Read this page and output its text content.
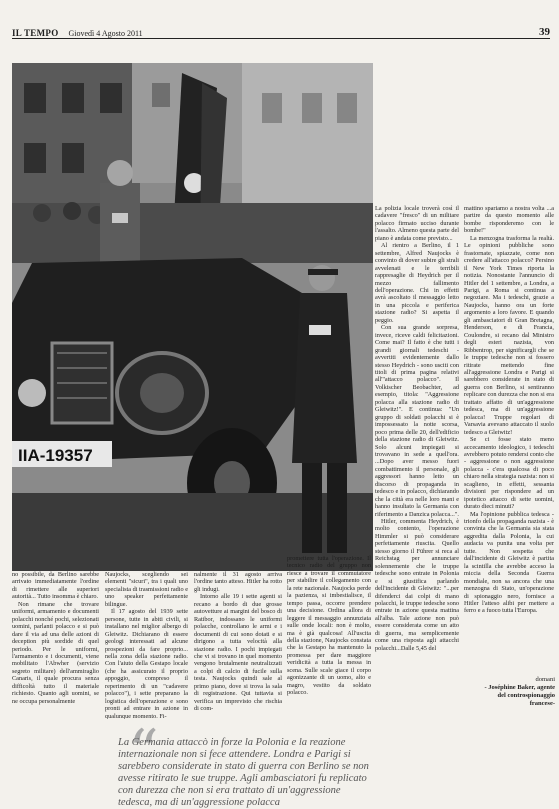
IL TEMPO Giovedì 4 Agosto 2011	39
IIA-19357

no possibile, da Berlino sarebbe arrivato immediatamente l'ordine di rimettere alle superiori autorità... Tutto insomma è chiaro.

Non rimane che trovare uniformi, armamento e documenti polacchi nonché pochi, selezionati uomini, parlanti polacco e si può dare il via ad una delle azioni di deception più sordide di quel periodo. Per le uniformi, l'armamento e i documenti, viene mobilitato l'Abwher (servizio segreto militare) dell'ammiraglio Canaris, il quale procura senza difficoltà tutto il materiale richiesto. Quanto agli uomini, se ne occupa personalmente

Naujocks, scegliendo sei elementi "sicuri", tra i quali uno specialista di trasmissioni radio e uno speaker perfettamente bilingue.

Il 17 agosto del 1939 sette persone, tutte in abiti civili, si installano nel miglior albergo di Gleiwitz. Dichiarano di essere geologi interessati ad alcune prospezioni da fare proprio... nella zona della stazione radio. Con l'aiuto della Gestapo locale (che ha assicurato il proprio appoggio, compreso il reperimento di un "cadavere polacco"), i sette preparano la logistica dell'operazione e sono pronti ad entrare in azione in qualunque momento. Fi-

nalmente il 31 agosto arriva l'ordine tanto atteso. Hitler ha rotto gli indugi.

Intorno alle 19 i sette agenti si recano a bordo di due grosse autovetture ai margini del bosco di Ratibor, indossano le uniformi polacche, controllano le armi e i documenti di cui sono dotati e si dirigono a tutta velocità alla stazione radio. I pochi impiegati che vi si trovano in quel momento vengono brutalmente neutralizzati a colpi di calcio di fucile sulla testa. Naujocks quindi sale al primo piano, dove si trova la sala di registrazione. Qui tuttavia si verifica un imprevisto che rischia di com-

promettere tutta l'operazione. Il tecnico radio del gruppo non riesce a trovare il commutatore per stabilire il collegamento con la rete nazionale. Naujocks perde la pazienza, si imbestialisce, il tempo passa, occorre prendere una decisione. Ordina allora di leggere il messaggio annunziata sulle onde locali: non è molto, ma è già qualcosa! All'uscita della stazione, Naujocks constata che la Gestapo ha mantenuto la promessa per dare maggiore veridicità a tutta la messa in scena. Sulle scale giace il corpo agonizzante di un uomo, alto e magro, vestito da soldato polacco.

La polizia locale troverà così il cadavere "fresco" di un militare polacco firmato ucciso durante l'assalto. Almeno questa parte del piano è andata come previsto...

Al rientro a Berlino, il 1 settembre, Alfred Naujocks è convinto di dover subire gli strali avvelenati e le terribili rappresaglie di Heydrich per il mezzo fallimento dell'operazione. Chi in effetti avrà ascoltato il messaggio letto in una piccola e periferica stazione radio? Si aspetta il peggio.

Con sua grande sorpresa, invece, riceve caldi felicitazioni. Come mai? Il fatto è che tutti i grandi giornali tedeschi - avvertiti evidentemente dallo stesso Heydrich - sono usciti con titoli di prima pagina relativi all'"attacco polacco". Il Volkischer Beobachter, ad esempio, titola: "Aggressione polacca alla stazione radio di Gleiwitz!". E continua: "Un gruppo di soldati polacchi si è impossessato la notte scorsa, poco prima delle 20, dell'edificio della stazione radio di Gleiwitz. Solo alcuni impiegati si trovavano in sede a quell'ora. ...Dopo aver messo fuori combattimento il personale, gli aggressori hanno letto un discorso di propaganda in tedesco e in polacco, dichiarando che la città era nelle loro mani e hanno insultato la Germania con riferimento a Danzica polacca...".

Hitler, commenta Heydrich, è molto contento, l'operazione Himmler si può considerare perfettamente riuscita. Quello stesso giorno il Führer si reca al Reichstag per annunciare solennemente che le truppe tedesche sono entrate in Polonia e si giustifica parlando dell'incidente di Gleiwitz: "...per difenderci dai colpi di mano polacchi, le truppe tedesche sono entrate in azione questa mattina all'alba. Tale azione non può essere considerata come un atto di guerra, ma semplicemente come una risposta agli attacchi polacchi...Dalle 5,45 del

mattino spariamo a nostra volta ...a partire da questo momento alle bombe risponderemo con le bombe!"

La menzogna trasforma la realtà. Le opinioni pubbliche sono frastornate, spiazzate, come non credere all'attacco polacco? Persino il New York Times riporta la notizia. Nonostante l'annuncio di Hitler del 1 settembre, a Londra, a Parigi, a Roma si continua a negoziare. Ma i tedeschi, grazie a Naujocks, hanno ora un forte argomento a loro favore. E quando gli ambasciatori di Gran Bretagna, Henderson, e di Francia, Coulondre, si recano dal Ministro degli esteri nazista, von Ribbentrop, per significargli che se le truppe tedesche non si fossero ritirate mettendo fine all'aggressione Londra e Parigi si sarebbero considerate in stato di guerra con Berlino, si sentiranno replicare con durezza che non si era trattato affatto di un'aggressione tedesca, ma di un'aggressione polacca! Truppe regolari di Varsavia avevano attaccato il suolo tedesco a Gleiwitz!

Se ci fosse stato meno accecamento ideologico, i tedeschi avrebbero potuto rendersi conto che - aggressione o non aggressione polacca - c'era qualcosa di poco chiaro nella strategia nazista: non si scaglieno, in effetti, sessanta divisioni per rispondere ad un ipotetico attacco di sette uomini, durato dieci minuti?

Ma l'opinione pubblica tedesca - trionfo della propaganda nazista - è convinta che la Germania sia stata aggredita dalla Polonia, la cui audacia va punita una volta per tutte. Non sospetta che dall'incidente di Gleiwitz è partita la scintilla che avrebbe acceso la miccia della Seconda Guerra mondiale, non sa ancora che una menzogna di Stato, un'operazione di spionaggio nero, fornisce a Hitler l'atteso alibi per mettere a ferro e a fuoco tutta l'Europa.

domani
- Joséphine Baker, agente
del controspionaggio
francese-
“
La Germania attaccò in forze la Polonia e la reazione internazionale non si fece attendere. Londra e Parigi si sarebbero considerate in stato di guerra con Berlino se non avesse ritirato le sue truppe. Agli ambasciatori fu replicato con durezza che non si era trattato di un'aggressione tedesca, ma di un'aggressione polacca
